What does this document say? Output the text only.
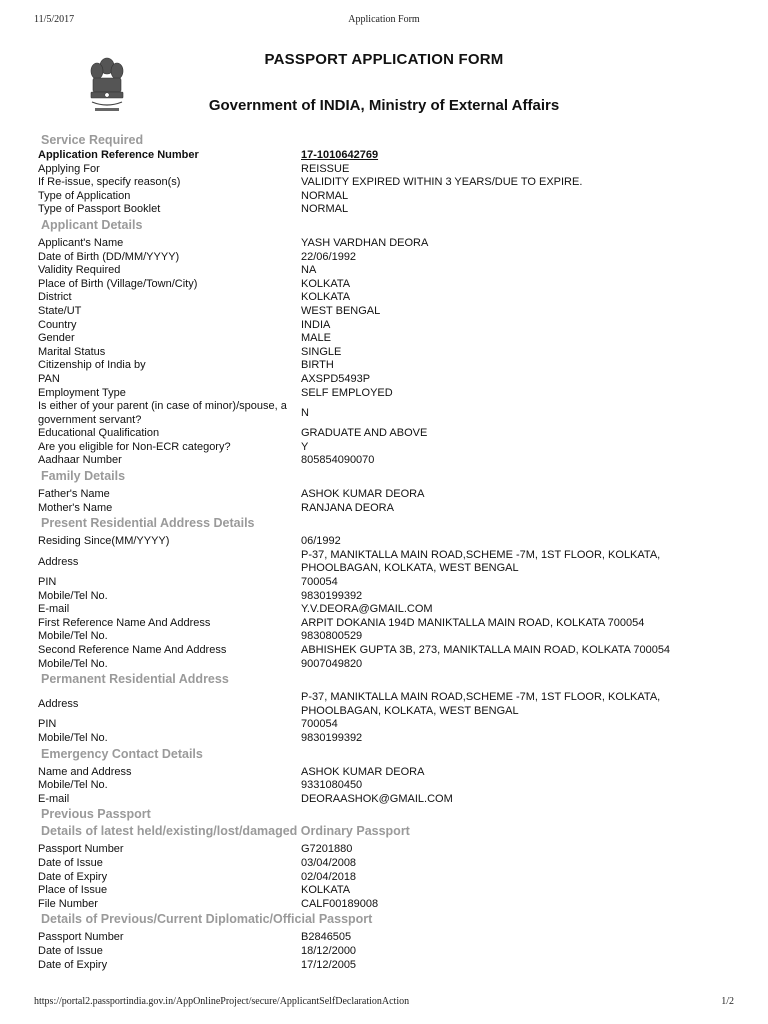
11/5/2017	Application Form
PASSPORT APPLICATION FORM
Government of INDIA, Ministry of External Affairs
Service Required
Application Reference Number	17-1010642769
Applying For	REISSUE
If Re-issue, specify reason(s)	VALIDITY EXPIRED WITHIN 3 YEARS/DUE TO EXPIRE.
Type of Application	NORMAL
Type of Passport Booklet	NORMAL
Applicant Details
Applicant's Name	YASH VARDHAN DEORA
Date of Birth (DD/MM/YYYY)	22/06/1992
Validity Required	NA
Place of Birth (Village/Town/City)	KOLKATA
District	KOLKATA
State/UT	WEST BENGAL
Country	INDIA
Gender	MALE
Marital Status	SINGLE
Citizenship of India by	BIRTH
PAN	AXSPD5493P
Employment Type	SELF EMPLOYED
Is either of your parent (in case of minor)/spouse, a government servant?
N
Educational Qualification	GRADUATE AND ABOVE
Are you eligible for Non-ECR category?	Y
Aadhaar Number	805854090070
Family Details
Father's Name	ASHOK KUMAR DEORA
Mother's Name	RANJANA DEORA
Present Residential Address Details
Residing Since(MM/YYYY)	06/1992
Address
P-37, MANIKTALLA MAIN ROAD,SCHEME -7M, 1ST FLOOR, KOLKATA, PHOOLBAGAN, KOLKATA, WEST BENGAL
PIN	700054
Mobile/Tel No.	9830199392
E-mail	Y.V.DEORA@GMAIL.COM
First Reference Name And Address	ARPIT DOKANIA 194D MANIKTALLA MAIN ROAD, KOLKATA 700054
Mobile/Tel No.	9830800529
Second Reference Name And Address	ABHISHEK GUPTA 3B, 273, MANIKTALLA MAIN ROAD, KOLKATA 700054
Mobile/Tel No.	9007049820
Permanent Residential Address
Address
P-37, MANIKTALLA MAIN ROAD,SCHEME -7M, 1ST FLOOR, KOLKATA, PHOOLBAGAN, KOLKATA, WEST BENGAL
PIN	700054
Mobile/Tel No.	9830199392
Emergency Contact Details
Name and Address	ASHOK KUMAR DEORA
Mobile/Tel No.	9331080450
E-mail	DEORAASHOK@GMAIL.COM
Previous Passport
Details of latest held/existing/lost/damaged Ordinary Passport
Passport Number	G7201880
Date of Issue	03/04/2008
Date of Expiry	02/04/2018
Place of Issue	KOLKATA
File Number	CALF00189008
Details of Previous/Current Diplomatic/Official Passport
Passport Number	B2846505
Date of Issue	18/12/2000
Date of Expiry	17/12/2005
https://portal2.passportindia.gov.in/AppOnlineProject/secure/ApplicantSelfDeclarationAction	1/2
